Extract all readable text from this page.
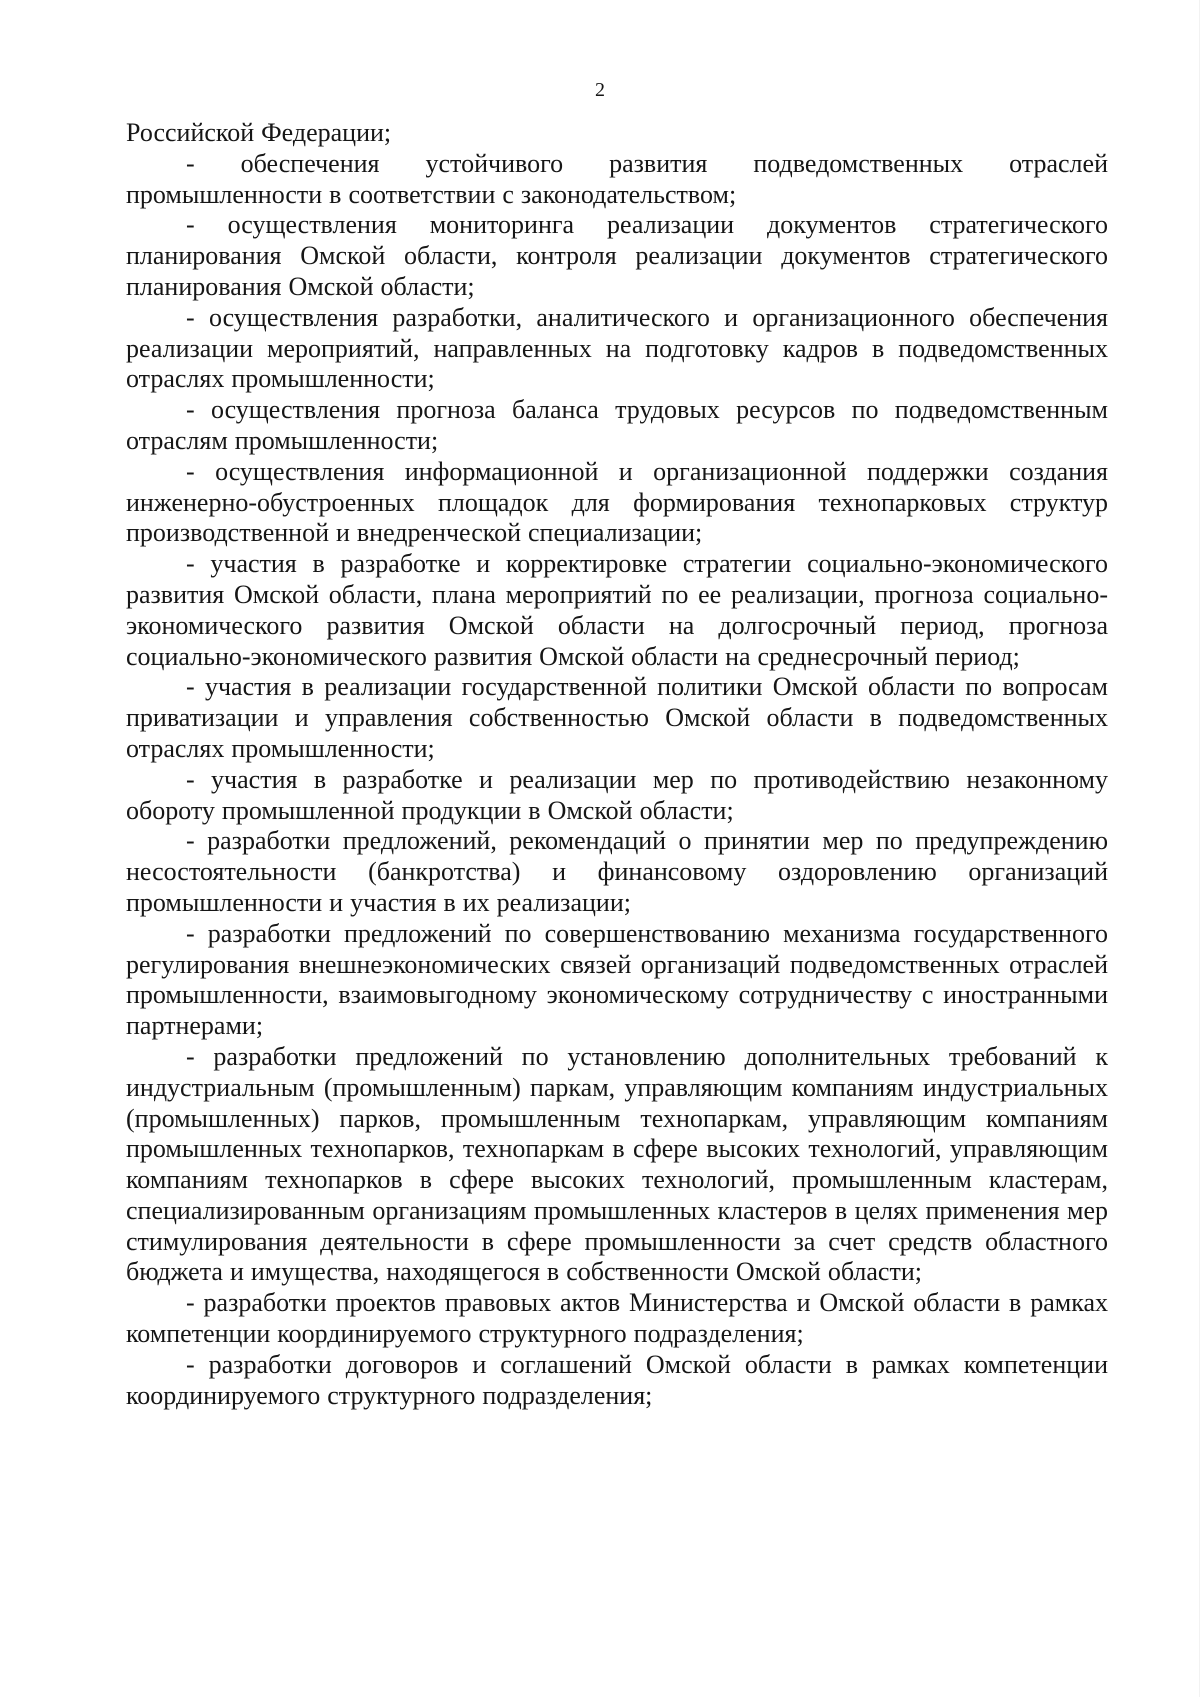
2

Российской Федерации;

- обеспечения устойчивого развития подведомственных отраслей промышленности в соответствии с законодательством;

- осуществления мониторинга реализации документов стратегического планирования Омской области, контроля реализации документов стратегического планирования Омской области;

- осуществления разработки, аналитического и организационного обеспечения реализации мероприятий, направленных на подготовку кадров в подведомственных отраслях промышленности;

- осуществления прогноза баланса трудовых ресурсов по подведомственным отраслям промышленности;

- осуществления информационной и организационной поддержки создания инженерно-обустроенных площадок для формирования технопарковых структур производственной и внедренческой специализации;

- участия в разработке и корректировке стратегии социально-экономического развития Омской области, плана мероприятий по ее реализации, прогноза социально-экономического развития Омской области на долгосрочный период, прогноза социально-экономического развития Омской области на среднесрочный период;

- участия в реализации государственной политики Омской области по вопросам приватизации и управления собственностью Омской области в подведомственных отраслях промышленности;

- участия в разработке и реализации мер по противодействию незаконному обороту промышленной продукции в Омской области;

- разработки предложений, рекомендаций о принятии мер по предупреждению несостоятельности (банкротства) и финансовому оздоровлению организаций промышленности и участия в их реализации;

- разработки предложений по совершенствованию механизма государственного регулирования внешнеэкономических связей организаций подведомственных отраслей промышленности, взаимовыгодному экономическому сотрудничеству с иностранными партнерами;

- разработки предложений по установлению дополнительных требований к индустриальным (промышленным) паркам, управляющим компаниям индустриальных (промышленных) парков, промышленным технопаркам, управляющим компаниям промышленных технопарков, технопаркам в сфере высоких технологий, управляющим компаниям технопарков в сфере высоких технологий, промышленным кластерам, специализированным организациям промышленных кластеров в целях применения мер стимулирования деятельности в сфере промышленности за счет средств областного бюджета и имущества, находящегося в собственности Омской области;

- разработки проектов правовых актов Министерства и Омской области в рамках компетенции координируемого структурного подразделения;

- разработки договоров и соглашений Омской области в рамках компетенции координируемого структурного подразделения;
